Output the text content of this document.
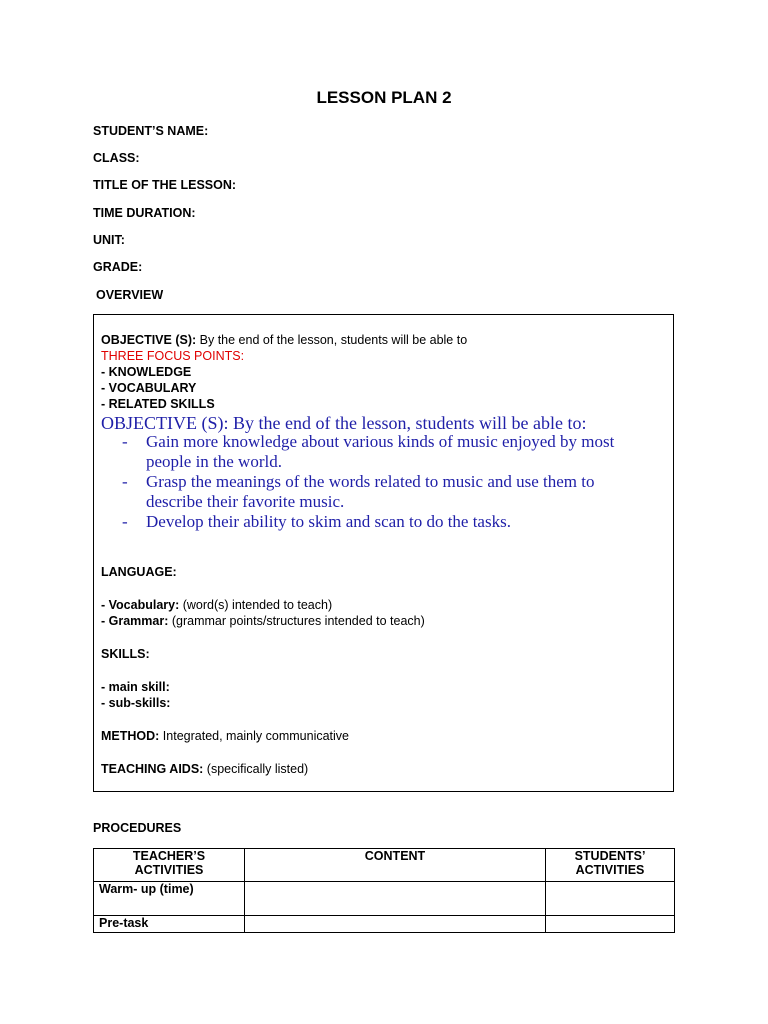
LESSON PLAN 2
STUDENT’S NAME:
CLASS:
TITLE OF THE LESSON:
TIME DURATION:
UNIT:
GRADE:
OVERVIEW
OBJECTIVE (S): By the end of the lesson, students will be able to
THREE FOCUS POINTS:
- KNOWLEDGE
- VOCABULARY
- RELATED SKILLS
OBJECTIVE (S): By the end of the lesson, students will be able to:
- Gain more knowledge about various kinds of music enjoyed by most people in the world.
- Grasp the meanings of the words related to music and use them to describe their favorite music.
- Develop their ability to skim and scan to do the tasks.
LANGUAGE:
- Vocabulary: (word(s) intended to teach)
- Grammar: (grammar points/structures intended to teach)
SKILLS:
- main skill:
- sub-skills:
METHOD: Integrated, mainly communicative
TEACHING AIDS: (specifically listed)
PROCEDURES
TEACHER’S ACTIVITIES	CONTENT	STUDENTS’ ACTIVITIES
Warm- up (time)		
Pre-task		
